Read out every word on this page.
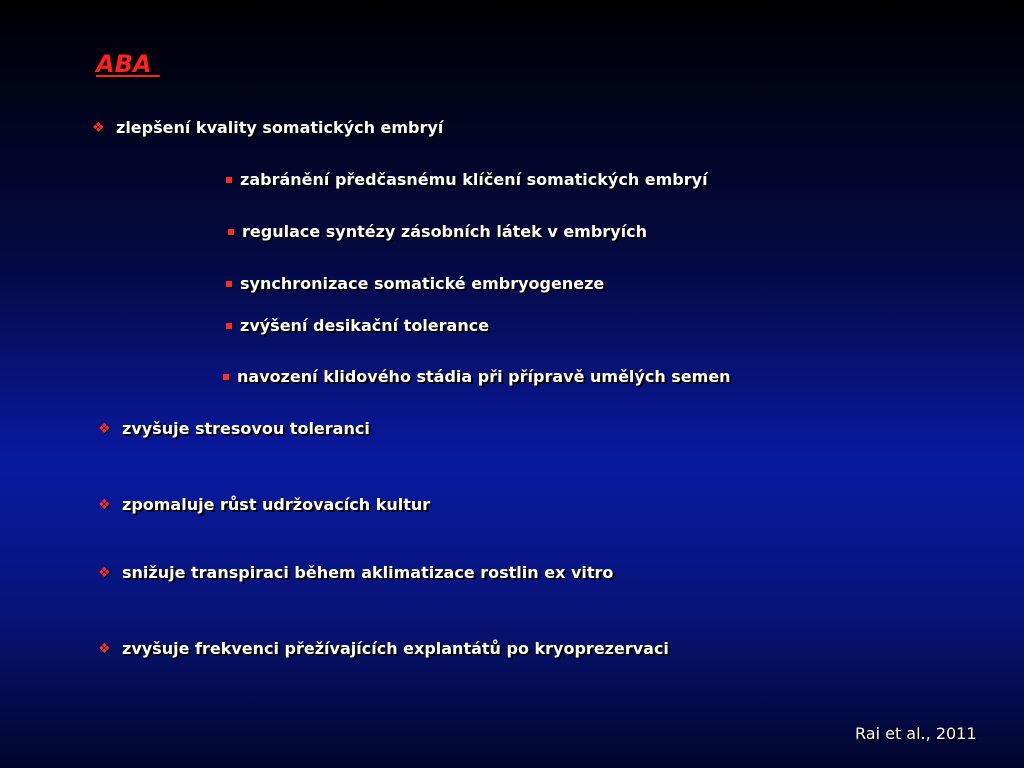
ABA
❖ zlepšení kvality somatických embryí
zabránění předčasnému klíčení somatických embryí
regulace syntézy zásobních látek v embryích
synchronizace somatické embryogeneze
zvýšení desikační tolerance
navození klidového stádia při přípravě umělých semen
❖ zvyšuje stresovou toleranci
❖ zpomaluje růst udržovacích kultur
❖ snižuje transpiraci během aklimatizace rostlin ex vitro
❖ zvyšuje frekvenci přežívajících explantátů po kryoprezervaci
Rai et al., 2011
